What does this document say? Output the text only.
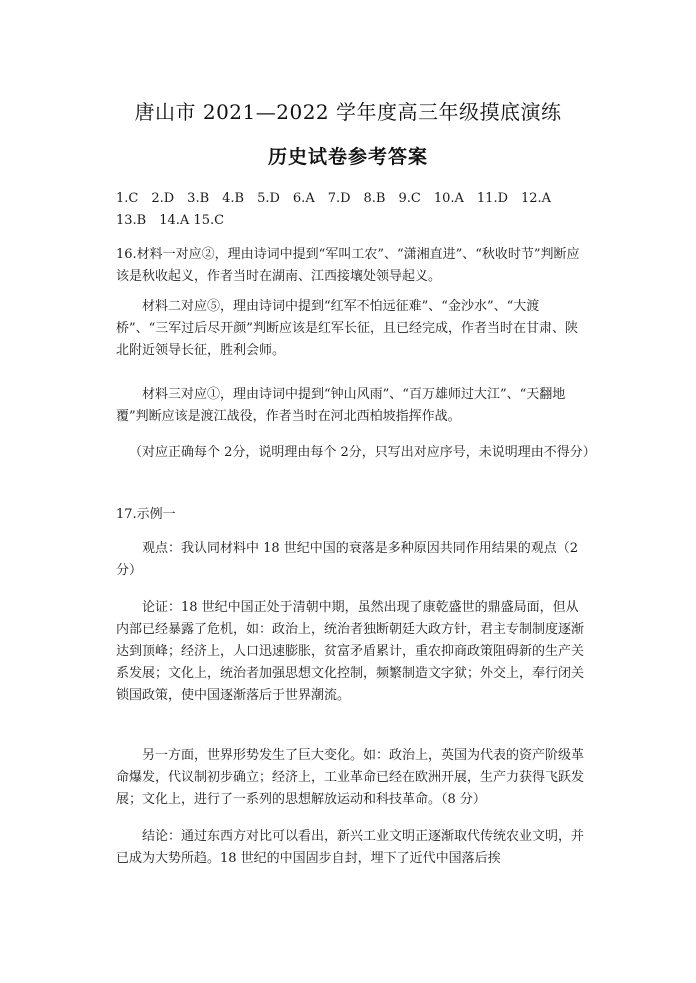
唐山市 2021—2022 学年度高三年级摸底演练
历史试卷参考答案
1.C　2.D　3.B　4.B　5.D　6.A　7.D　8.B　9.C　10.A　11.D　12.A
13.B　14.A 15.C
16.材料一对应②，理由诗词中提到“军叫工农”、“潇湘直进”、“秋收时节”判断应该是秋收起义，作者当时在湖南、江西接壤处领导起义。
材料二对应⑤，理由诗词中提到“红军不怕远征难”、“金沙水”、“大渡桥”、“三军过后尽开颜”判断应该是红军长征，且已经完成，作者当时在甘肃、陕北附近领导长征，胜利会师。
材料三对应①，理由诗词中提到“钟山风雨”、“百万雄师过大江”、“天翻地覆”判断应该是渡江战役，作者当时在河北西柏坡指挥作战。
（对应正确每个 2分，说明理由每个 2分，只写出对应序号，未说明理由不得分）
17.示例一
观点：我认同材料中 18 世纪中国的衰落是多种原因共同作用结果的观点（2 分）
论证：18 世纪中国正处于清朝中期，虽然出现了康乾盛世的鼎盛局面，但从内部已经暴露了危机，如：政治上，统治者独断朝廷大政方针，君主专制制度逐渐达到顶峰；经济上，人口迅速膨胀，贫富矛盾累计，重农抑商政策阻碍新的生产关系发展；文化上，统治者加强思想文化控制，频繁制造文字狱；外交上，奉行闭关锁国政策，使中国逐渐落后于世界潮流。
另一方面，世界形势发生了巨大变化。如：政治上，英国为代表的资产阶级革命爆发，代议制初步确立；经济上，工业革命已经在欧洲开展，生产力获得飞跃发展；文化上，进行了一系列的思想解放运动和科技革命。（8 分）
结论：通过东西方对比可以看出，新兴工业文明正逐渐取代传统农业文明，并已成为大势所趋。18 世纪的中国固步自封，埋下了近代中国落后挨
